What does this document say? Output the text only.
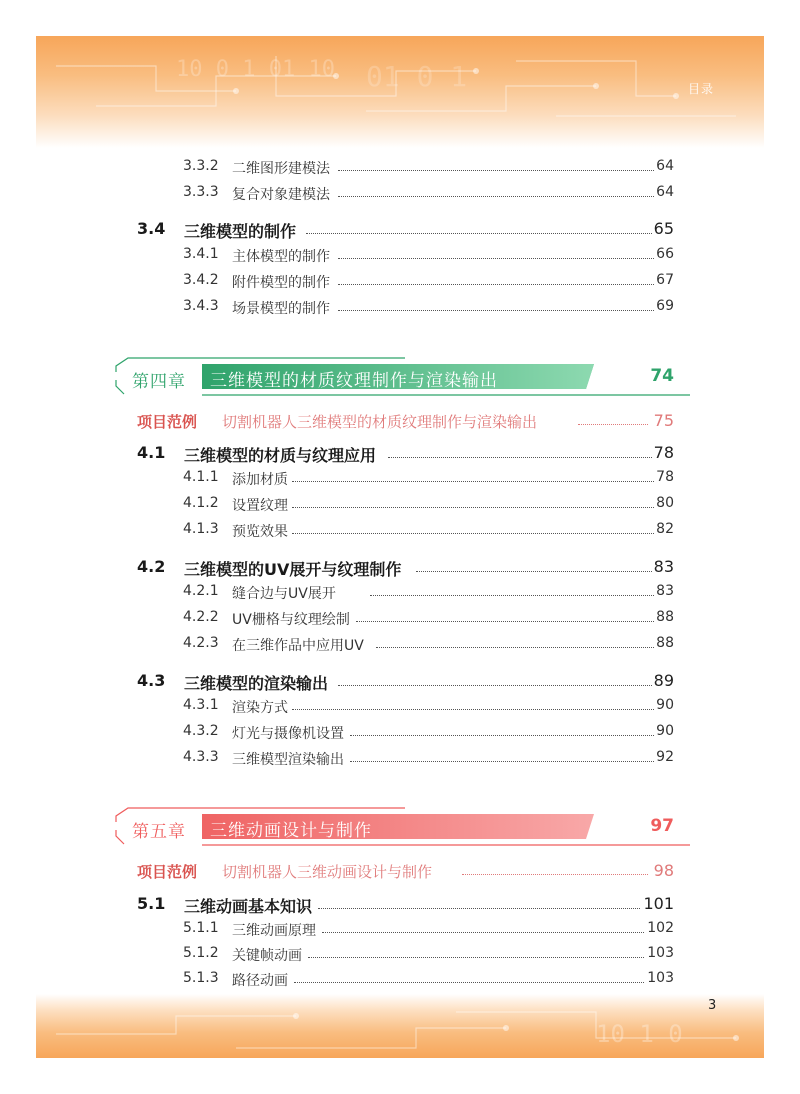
10 0 1 01 10 01 0 1	目录
3.3.2 二维图形建模法	64
3.3.3 复合对象建模法	64
3.4 三维模型的制作	65
3.4.1 主体模型的制作	66
3.4.2 附件模型的制作	67
3.4.3 场景模型的制作	69
第四章 三维模型的材质纹理制作与渲染输出	74
项目范例 切割机器人三维模型的材质纹理制作与渲染输出	75
4.1 三维模型的材质与纹理应用	78
4.1.1 添加材质	78
4.1.2 设置纹理	80
4.1.3 预览效果	82
4.2 三维模型的UV展开与纹理制作	83
4.2.1 缝合边与UV展开	83
4.2.2 UV栅格与纹理绘制	88
4.2.3 在三维作品中应用UV	88
4.3 三维模型的渲染输出	89
4.3.1 渲染方式	90
4.3.2 灯光与摄像机设置	90
4.3.3 三维模型渲染输出	92
第五章 三维动画设计与制作	97
项目范例 切割机器人三维动画设计与制作	98
5.1 三维动画基本知识	101
5.1.1 三维动画原理	102
5.1.2 关键帧动画	103
5.1.3 路径动画	103
10 1 0
3
